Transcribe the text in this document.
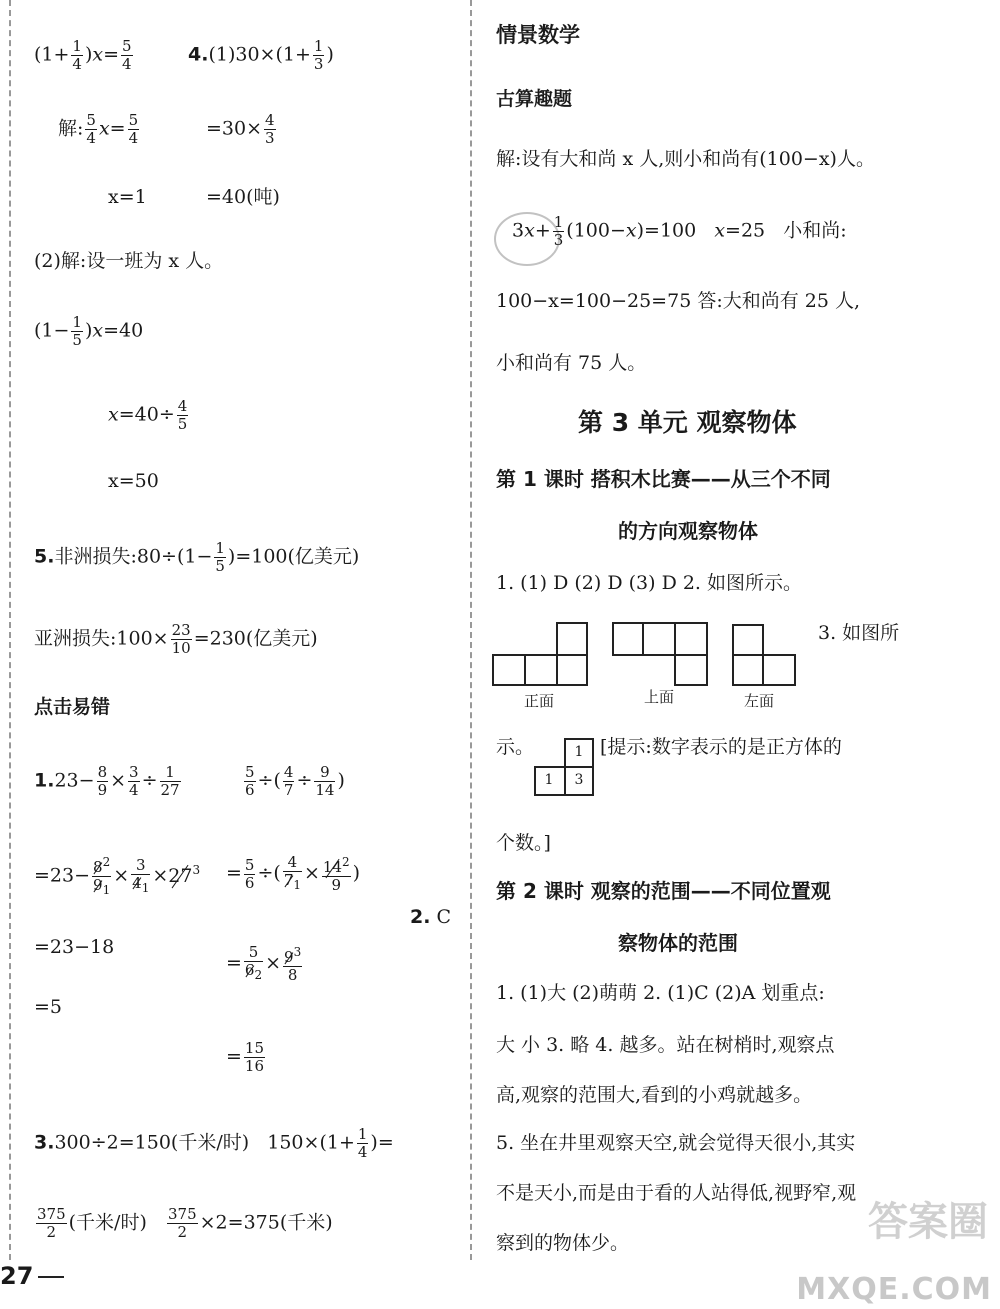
$(1+ \frac{1}{4} )x= \frac{5}{4}$	$4.(1)30\times(1+ \frac{1}{3}$ )
解: $\frac{5}{4} x= \frac{5}{4}$	$=30\times \frac{4}{3}$
x=1	=40(吨)
(2)解:设一班为 x 人。
$(1- \frac{1}{5} )x=40$
$x=40\div \frac{4}{5}$
x=50
5.非洲损失:80÷(1− $\frac{1}{5} )=100$(亿美元)
亚洲损失:100× $\frac{23}{10} =230$(亿美元)
点击易错
$1.23- \frac{8}{9} \times \frac{3}{4} \div \frac{1}{27}$	$\frac{5}{6}$ ÷( $\frac{4}{7} \div \frac{9}{14}$ )
$=23- \frac{8^2}{9_1} \times \frac{3}{4_1} \times 27^3 = \frac{5}{6}$ ÷( $\frac{4}{7_1} \times \frac{14^2}{9}$ )
2. C
=23−18
= $\frac{5}{6_2} \times \frac{9^3}{8}$
=5
= $\frac{15}{16}$
3.300÷2=150(千米/时)   $150\times(1+ \frac{1}{4}$ )=
$\frac{375}{2}$ (千米/时) $\frac{375}{2} \times 2=375$(千米)
情景数学
古算趣题
解:设有大和尚 x 人,则小和尚有(100−x)人。
$3x+ \frac{1}{3} (100-x)=100$   x=25   小和尚:
100−x=100−25=75 答:大和尚有 25 人,
小和尚有 75 人。
第 3 单元 观察物体
第 1 课时 搭积木比赛——从三个不同
的方向观察物体
1. (1) D (2) D (3) D 2. 如图所示。
3. 如图所
正面	上面	左面
示。	1
1	3
[提示:数字表示的是正方体的
个数。]
第 2 课时 观察的范围——不同位置观
察物体的范围
1. (1)大 (2)萌萌 2. (1)C (2)A 划重点:
大 小 3. 略 4. 越多。站在树梢时,观察点
高,观察的范围大,看到的小鸡就越多。
5. 坐在井里观察天空,就会觉得天很小,其实
不是天小,而是由于看的人站得低,视野窄,观
察到的物体少。
27
答案圈
MXQE.COM
